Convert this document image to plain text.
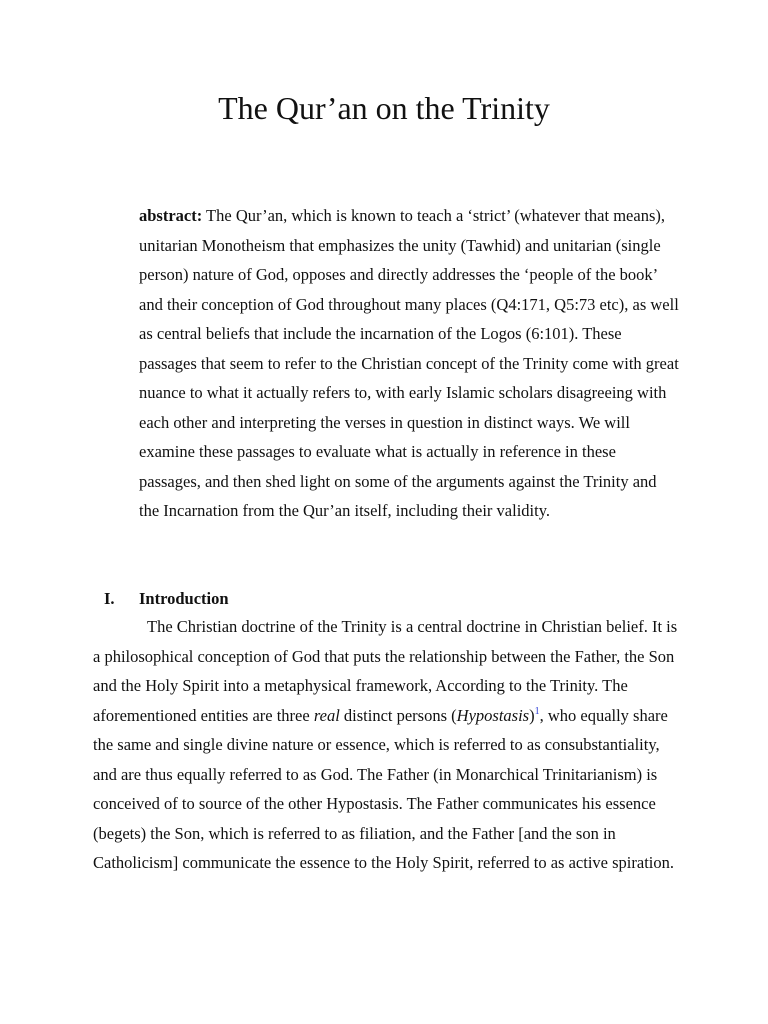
The Qur’an on the Trinity

abstract: The Qur’an, which is known to teach a ‘strict’ (whatever that means), unitarian Monotheism that emphasizes the unity (Tawhid) and unitarian (single person) nature of God, opposes and directly addresses the ‘people of the book’ and their conception of God throughout many places (Q4:171, Q5:73 etc), as well as central beliefs that include the incarnation of the Logos (6:101). These passages that seem to refer to the Christian concept of the Trinity come with great nuance to what it actually refers to, with early Islamic scholars disagreeing with each other and interpreting the verses in question in distinct ways. We will examine these passages to evaluate what is actually in reference in these passages, and then shed light on some of the arguments against the Trinity and the Incarnation from the Qur’an itself, including their validity.

I. Introduction

The Christian doctrine of the Trinity is a central doctrine in Christian belief. It is a philosophical conception of God that puts the relationship between the Father, the Son and the Holy Spirit into a metaphysical framework, According to the Trinity. The aforementioned entities are three real distinct persons (Hypostasis)$^1$, who equally share the same and single divine nature or essence, which is referred to as consubstantiality, and are thus equally referred to as God. The Father (in Monarchical Trinitarianism) is conceived of to source of the other Hypostasis. The Father communicates his essence (begets) the Son, which is referred to as filiation, and the Father [and the son in Catholicism] communicate the essence to the Holy Spirit, referred to as active spiration.
